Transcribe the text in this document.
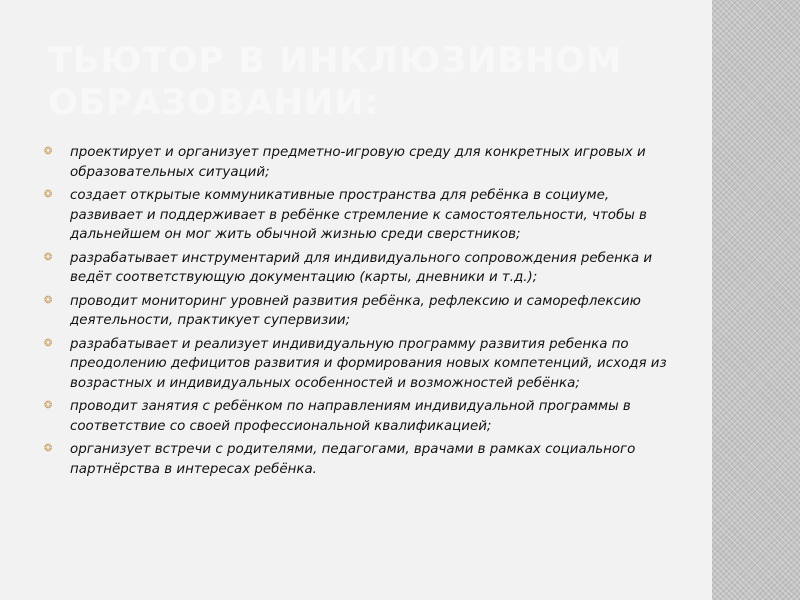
ТЬЮТОР В ИНКЛЮЗИВНОМ ОБРАЗОВАНИИ:
❂ проектирует и организует предметно-игровую среду для конкретных игровых и образовательных ситуаций;
❂ создает открытые коммуникативные пространства для ребёнка в социуме, развивает и поддерживает в ребёнке стремление к самостоятельности, чтобы в дальнейшем он мог жить обычной жизнью среди сверстников;
❂ разрабатывает инструментарий для индивидуального сопровождения ребенка и ведёт соответствующую документацию (карты, дневники и т.д.);
❂ проводит мониторинг уровней развития ребёнка, рефлексию и саморефлексию деятельности, практикует супервизии;
❂ разрабатывает и реализует индивидуальную программу развития ребенка по преодолению дефицитов развития и формирования новых компетенций, исходя из возрастных и индивидуальных особенностей и возможностей ребёнка;
❂ проводит занятия с ребёнком по направлениям индивидуальной программы в соответствие со своей профессиональной квалификацией;
❂ организует встречи с родителями, педагогами, врачами в рамках социального партнёрства в интересах ребёнка.
